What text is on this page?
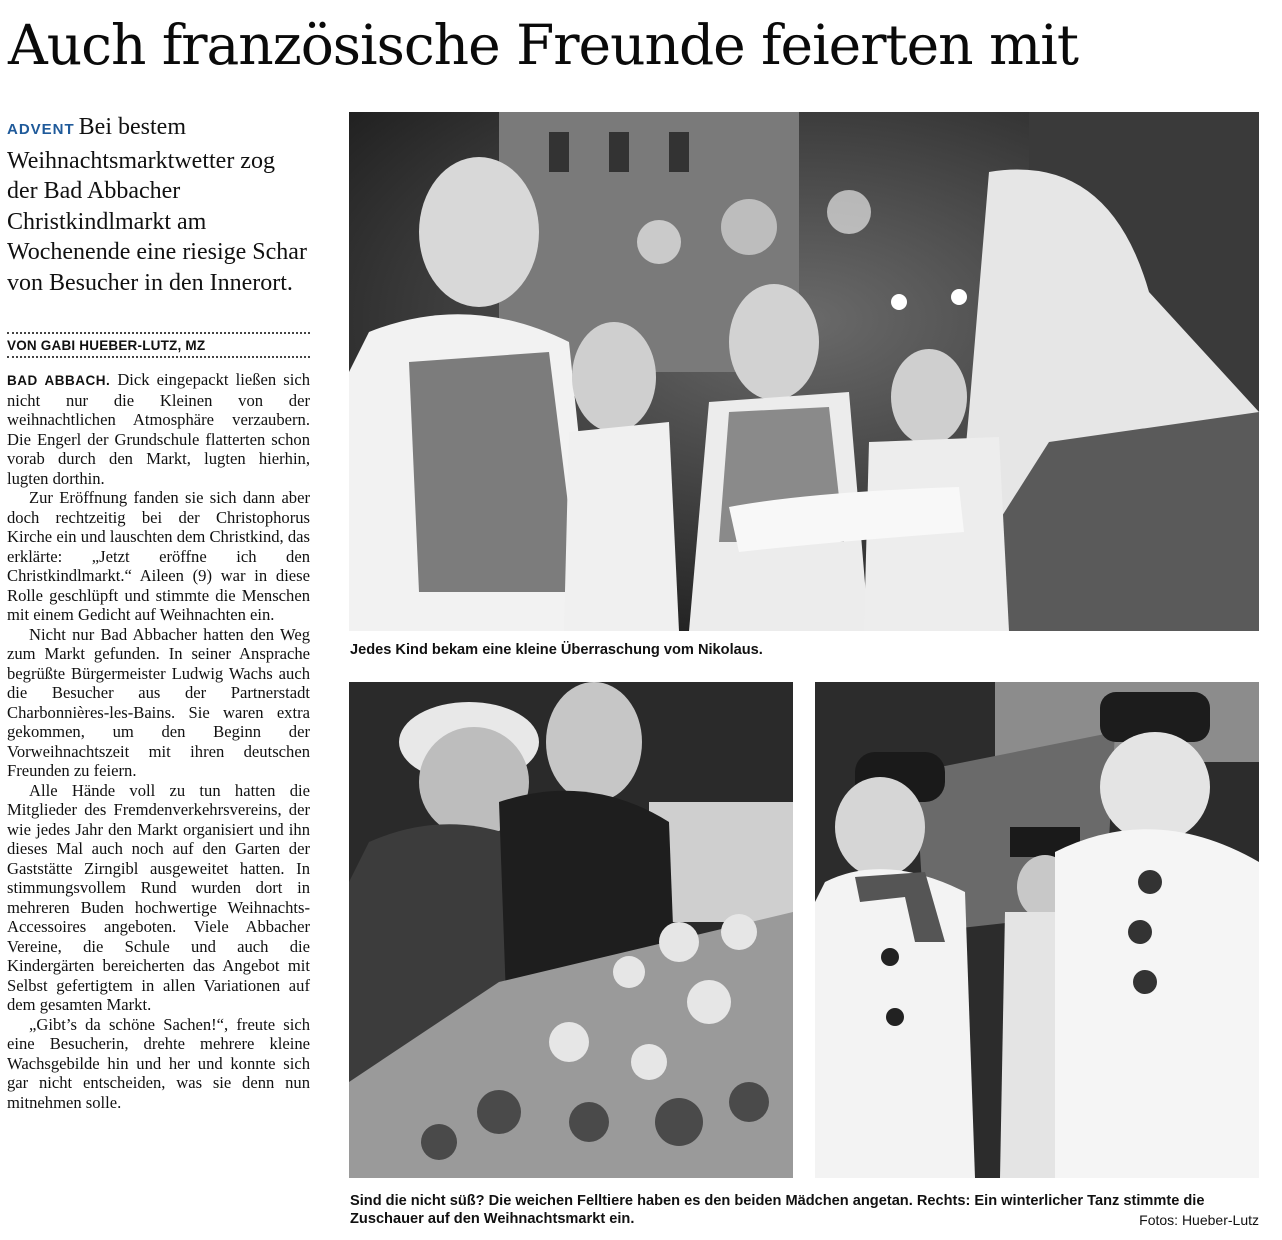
Auch französische Freunde feierten mit

ADVENT Bei bestem Weihnachtsmarktwetter zog der Bad Abbacher Christkindlmarkt am Wochenende eine riesige Schar von Besucher in den Innerort.

VON GABI HUEBER-LUTZ, MZ

BAD ABBACH. Dick eingepackt ließen sich nicht nur die Kleinen von der weihnachtlichen Atmosphäre verzaubern. Die Engerl der Grundschule flatterten schon vorab durch den Markt, lugten hierhin, lugten dorthin.

Zur Eröffnung fanden sie sich dann aber doch rechtzeitig bei der Christophorus Kirche ein und lauschten dem Christkind, das erklärte: „Jetzt eröffne ich den Christkindlmarkt.“ Aileen (9) war in diese Rolle geschlüpft und stimmte die Menschen mit einem Gedicht auf Weihnachten ein.

Nicht nur Bad Abbacher hatten den Weg zum Markt gefunden. In seiner Ansprache begrüßte Bürgermeister Ludwig Wachs auch die Besucher aus der Partnerstadt Charbonnières-les-Bains. Sie waren extra gekommen, um den Beginn der Vorweihnachtszeit mit ihren deutschen Freunden zu feiern.

Alle Hände voll zu tun hatten die Mitglieder des Fremdenverkehrsvereins, der wie jedes Jahr den Markt organisiert und ihn dieses Mal auch noch auf den Garten der Gaststätte Zirngibl ausgeweitet hatten. In stimmungsvollem Rund wurden dort in mehreren Buden hochwertige Weihnachts-Accessoires angeboten. Viele Abbacher Vereine, die Schule und auch die Kindergärten bereicherten das Angebot mit Selbst gefertigtem in allen Variationen auf dem gesamten Markt.

„Gibt’s da schöne Sachen!“, freute sich eine Besucherin, drehte mehrere kleine Wachsgebilde hin und her und konnte sich gar nicht entscheiden, was sie denn nun mitnehmen solle.

Jedes Kind bekam eine kleine Überraschung vom Nikolaus.
Sind die nicht süß? Die weichen Felltiere haben es den beiden Mädchen angetan. Rechts: Ein winterlicher Tanz stimmte die Zuschauer auf den Weihnachtsmarkt ein.	Fotos: Hueber-Lutz
